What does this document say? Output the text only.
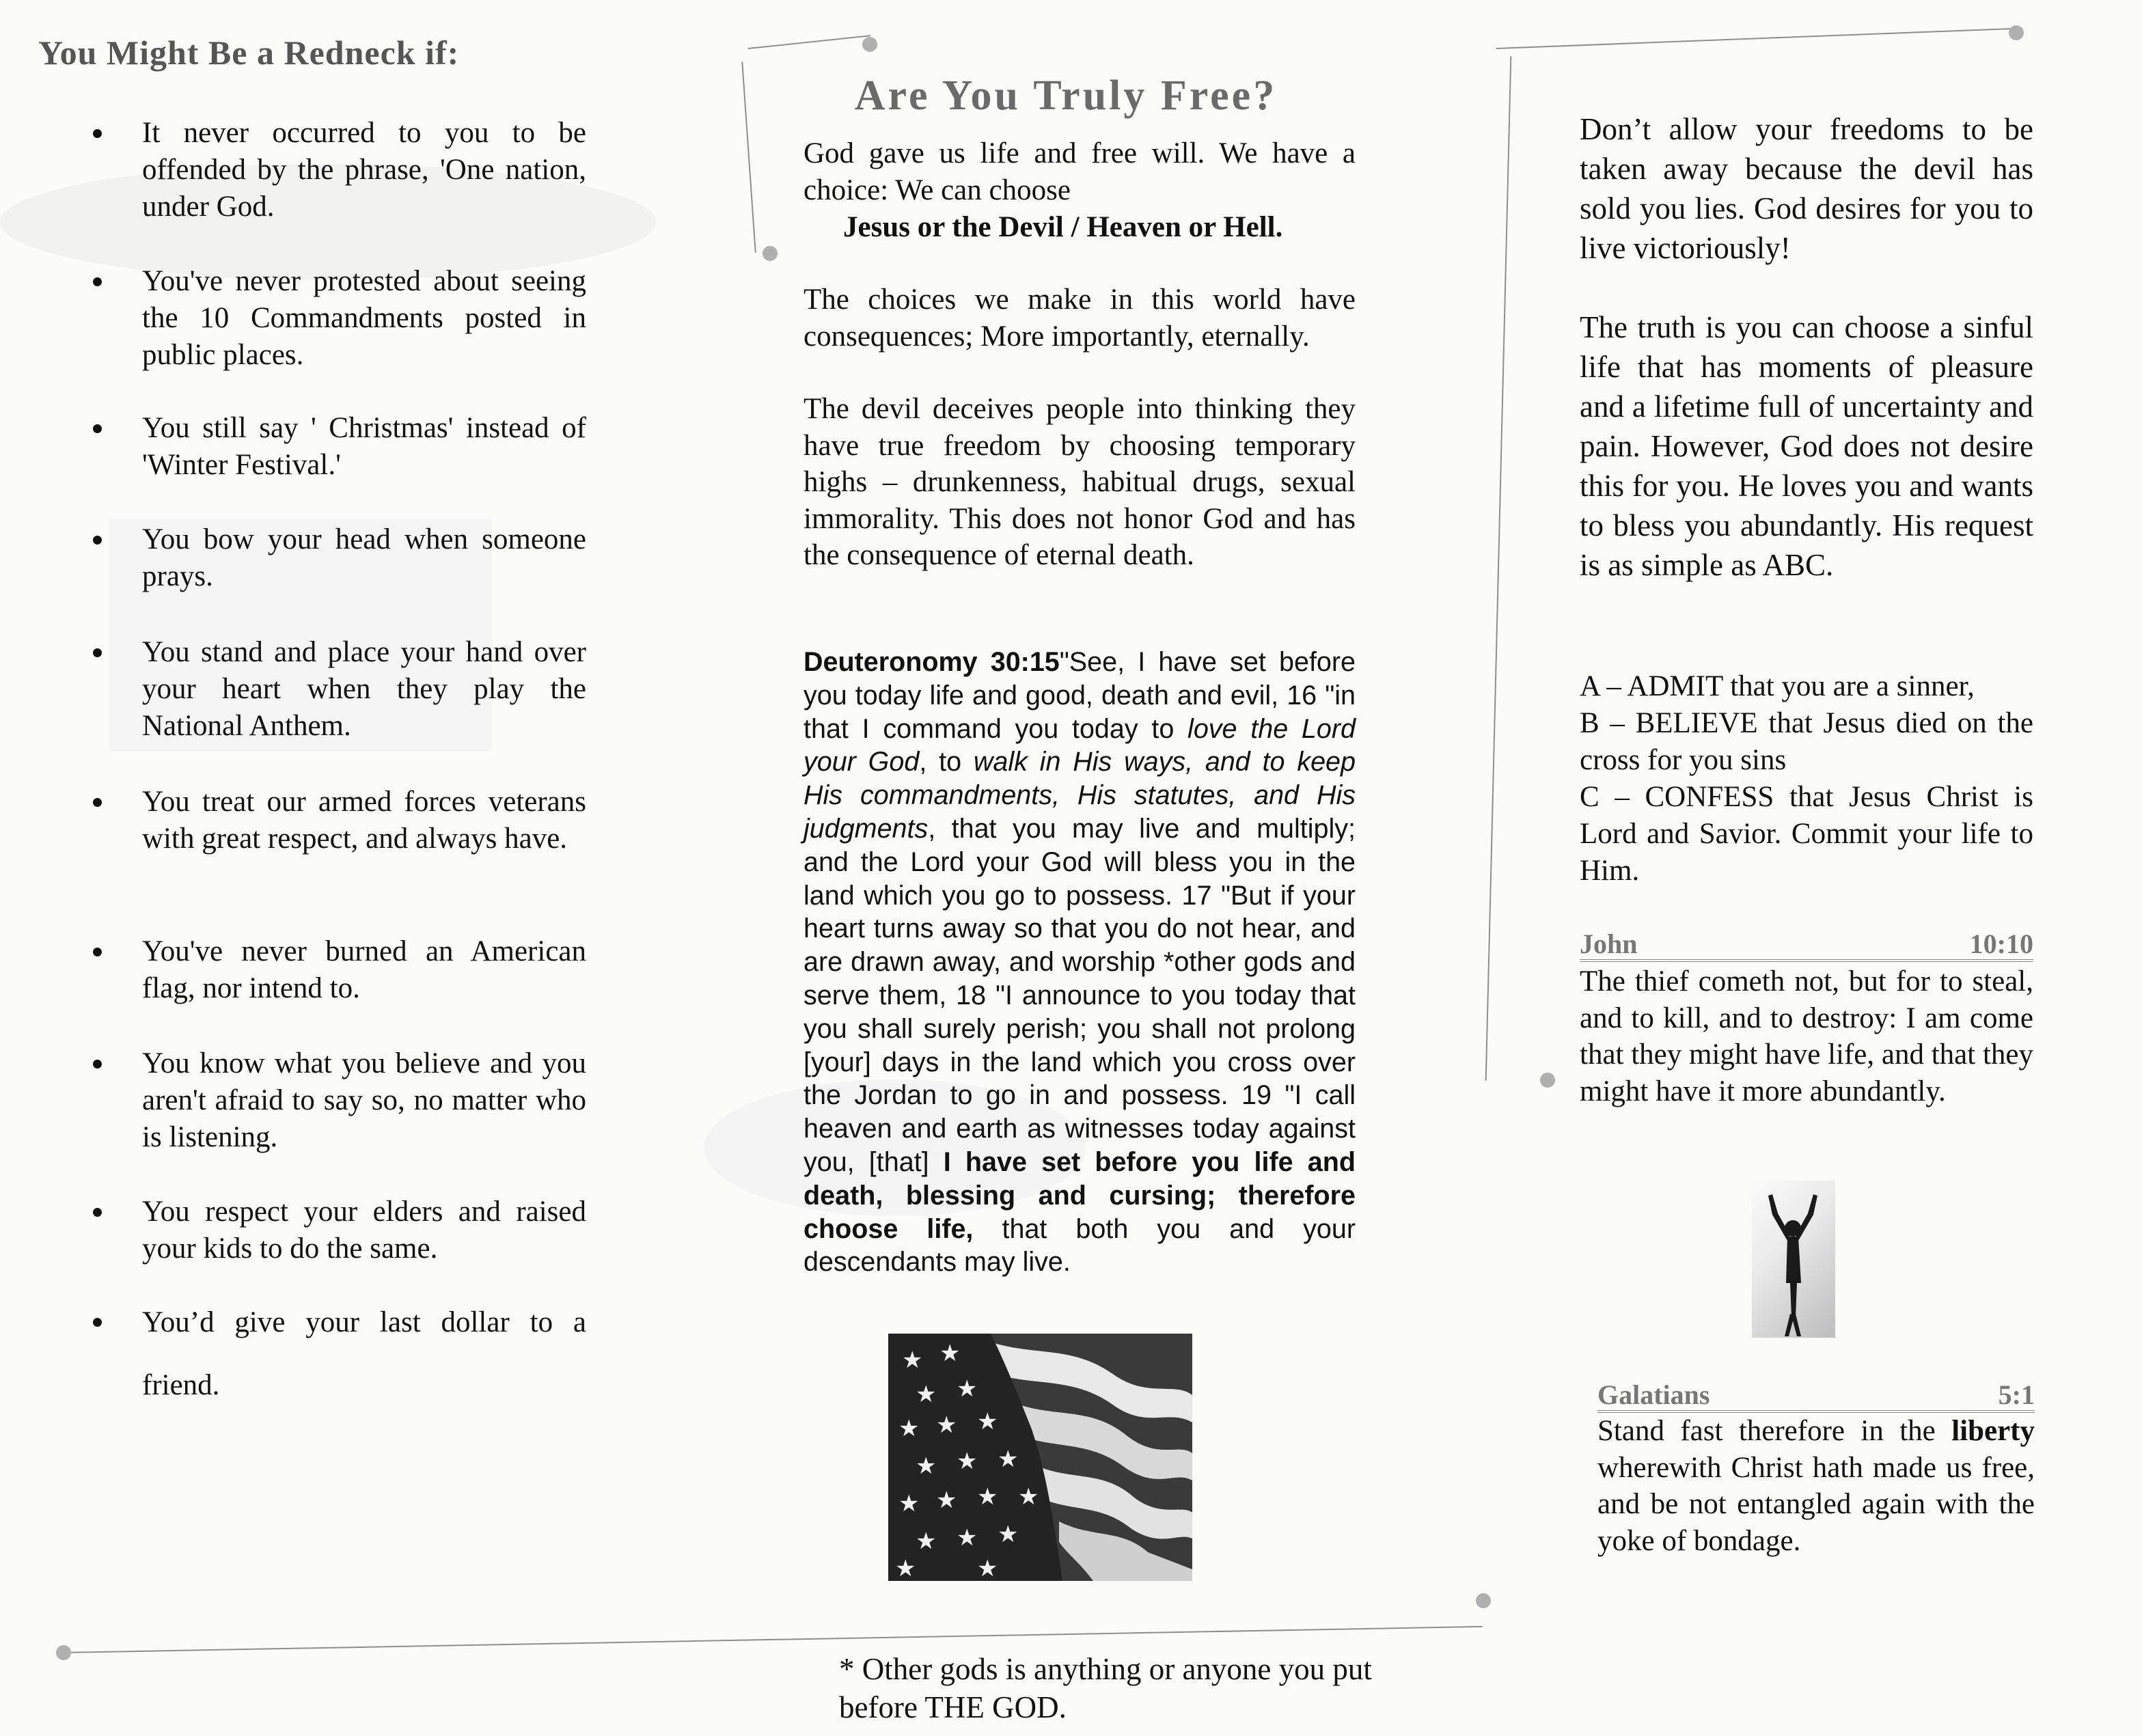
You Might Be a Redneck if:
It never occurred to you to be offended by the phrase, 'One nation, under God.
You've never protested about seeing the 10 Commandments posted in public places.
You still say ' Christmas' instead of 'Winter Festival.'
You bow your head when someone prays.
You stand and place your hand over your heart when they play the National Anthem.
You treat our armed forces veterans with great respect, and always have.
You've never burned an American flag, nor intend to.
You know what you believe and you aren't afraid to say so, no matter who is listening.
You respect your elders and raised your kids to do the same.
You’d give your last dollar to a friend.
Are You Truly Free?

God gave us life and free will. We have a choice: We can choose

Jesus or the Devil / Heaven or Hell.

The choices we make in this world have consequences; More importantly, eternally.

The devil deceives people into thinking they have true freedom by choosing temporary highs – drunkenness, habitual drugs, sexual immorality. This does not honor God and has the consequence of eternal death.

Deuteronomy 30:15"See, I have set before you today life and good, death and evil, 16 "in that I command you today to love the Lord your God, to walk in His ways, and to keep His commandments, His statutes, and His judgments, that you may live and multiply; and the Lord your God will bless you in the land which you go to possess. 17 "But if your heart turns away so that you do not hear, and are drawn away, and worship *other gods and serve them, 18 "I announce to you today that you shall surely perish; you shall not prolong [your] days in the land which you cross over the Jordan to go in and possess. 19 "I call heaven and earth as witnesses today against you, [that] I have set before you life and death, blessing and cursing; therefore choose life, that both you and your descendants may live.

★ ★
★ ★
★ ★ ★
★ ★ ★
★ ★ ★ ★
★ ★ ★
★	★
* Other gods is anything or anyone you put before THE GOD.

Don’t allow your freedoms to be taken away because the devil has sold you lies. God desires for you to live victoriously!

The truth is you can choose a sinful life that has moments of pleasure and a lifetime full of uncertainty and pain. However, God does not desire this for you. He loves you and wants to bless you abundantly. His request is as simple as ABC.

A – ADMIT that you are a sinner,
B – BELIEVE that Jesus died on the cross for you sins
C – CONFESS that Jesus Christ is Lord and Savior. Commit your life to Him.
John	10:10

The thief cometh not, but for to steal, and to kill, and to destroy: I am come that they might have life, and that they might have it more abundantly.

Galatians	5:1

Stand fast therefore in the liberty wherewith Christ hath made us free, and be not entangled again with the yoke of bondage.
